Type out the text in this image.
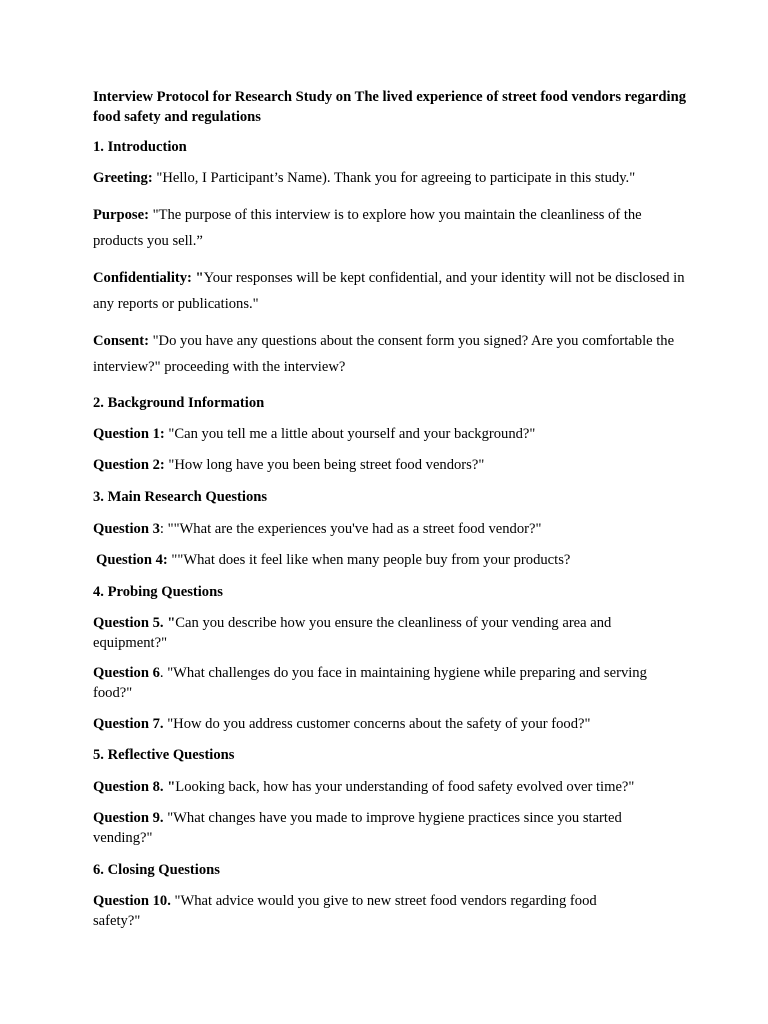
Interview Protocol for Research Study on The lived experience of street food vendors regarding food safety and regulations
1. Introduction
Greeting: "Hello, I Participant’s Name). Thank you for agreeing to participate in this study."
Purpose: "The purpose of this interview is to explore how you maintain the cleanliness of the products you sell.”
Confidentiality: "Your responses will be kept confidential, and your identity will not be disclosed in any reports or publications."
Consent: "Do you have any questions about the consent form you signed? Are you comfortable the interview?" proceeding with the interview?
2. Background Information
Question 1: "Can you tell me a little about yourself and your background?"
Question 2: "How long have you been being street food vendors?"
3. Main Research Questions
Question 3: ""What are the experiences you've had as a street food vendor?"
Question 4: ""What does it feel like when many people buy from your products?
4. Probing Questions
Question 5. "Can you describe how you ensure the cleanliness of your vending area and equipment?"
Question 6. "What challenges do you face in maintaining hygiene while preparing and serving food?"
Question 7. "How do you address customer concerns about the safety of your food?"
5. Reflective Questions
Question 8. "Looking back, how has your understanding of food safety evolved over time?"
Question 9. "What changes have you made to improve hygiene practices since you started vending?"
6. Closing Questions
Question 10. "What advice would you give to new street food vendors regarding food safety?"
